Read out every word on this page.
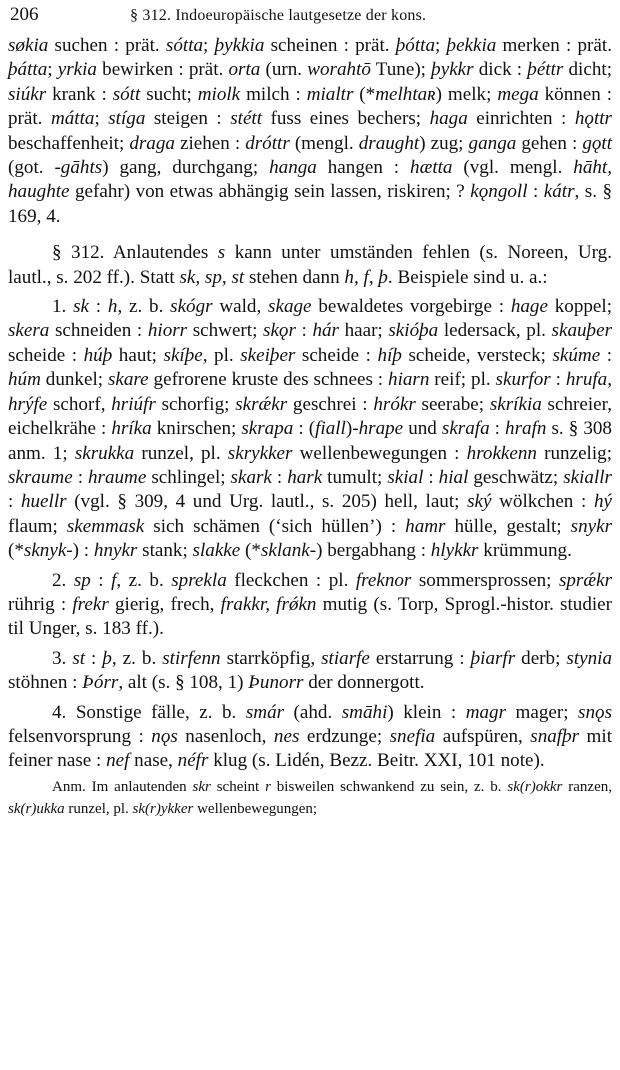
206	§ 312. Indoeuropäische lautgesetze der kons.

søkia suchen : prät. sótta; þykkia scheinen : prät. þótta; þekkia merken : prät. þátta; yrkia bewirken : prät. orta (urn. worahtō Tune); þykkr dick : þéttr dicht; siúkr krank : sótt sucht; miolk milch : mialtr (*melhtaʀ) melk; mega können : prät. mátta; stíga steigen : stétt fuss eines bechers; haga einrichten : hǫttr beschaffenheit; draga ziehen : dróttr (mengl. draught) zug; ganga gehen : gǫtt (got. -gāhts) gang, durchgang; hanga hangen : hætta (vgl. mengl. hāht, haughte gefahr) von etwas abhängig sein lassen, riskiren; ? kǫngoll : kátr, s. § 169, 4.

§ 312. Anlautendes s kann unter umständen fehlen (s. Noreen, Urg. lautl., s. 202 ff.). Statt sk, sp, st stehen dann h, f, þ. Beispiele sind u. a.:

1. sk : h, z. b. skógr wald, skage bewaldetes vorgebirge : hage koppel; skera schneiden : hiorr schwert; skǫr : hár haar; skióþa ledersack, pl. skauþer scheide : húþ haut; skíþe, pl. skeiþer scheide : híþ scheide, versteck; skúme : húm dunkel; skare gefrorene kruste des schnees : hiarn reif; pl. skurfor : hrufa, hrýfe schorf, hriúfr schorfig; skrǽkr geschrei : hrókr seerabe; skríkia schreier, eichelkrähe : hríka knirschen; skrapa : (fiall)-hrape und skrafa : hrafn s. § 308 anm. 1; skrukka runzel, pl. skrykker wellenbewegungen : hrokkenn runzelig; skraume : hraume schlingel; skark : hark tumult; skial : hial geschwätz; skiallr : huellr (vgl. § 309, 4 und Urg. lautl., s. 205) hell, laut; ský wölkchen : hý flaum; skemmask sich schämen (‘sich hüllen’) : hamr hülle, gestalt; snykr (*sknyk-) : hnykr stank; slakke (*sklank-) bergabhang : hlykkr krümmung.

2. sp : f, z. b. sprekla fleckchen : pl. freknor sommersprossen; sprǽkr rührig : frekr gierig, frech, frakkr, frǿkn mutig (s. Torp, Sprogl.-histor. studier til Unger, s. 183 ff.).

3. st : þ, z. b. stirfenn starrköpfig, stiarfe erstarrung : þiarfr derb; stynia stöhnen : Þórr, alt (s. § 108, 1) Þunorr der donnergott.

4. Sonstige fälle, z. b. smár (ahd. smāhi) klein : magr mager; snǫs felsenvorsprung : nǫs nasenloch, nes erdzunge; snefia aufspüren, snafþr mit feiner nase : nef nase, néfr klug (s. Lidén, Bezz. Beitr. XXI, 101 note).

Anm. Im anlautenden skr scheint r bisweilen schwankend zu sein, z. b. sk(r)okkr ranzen, sk(r)ukka runzel, pl. sk(r)ykker wellenbewegungen;
